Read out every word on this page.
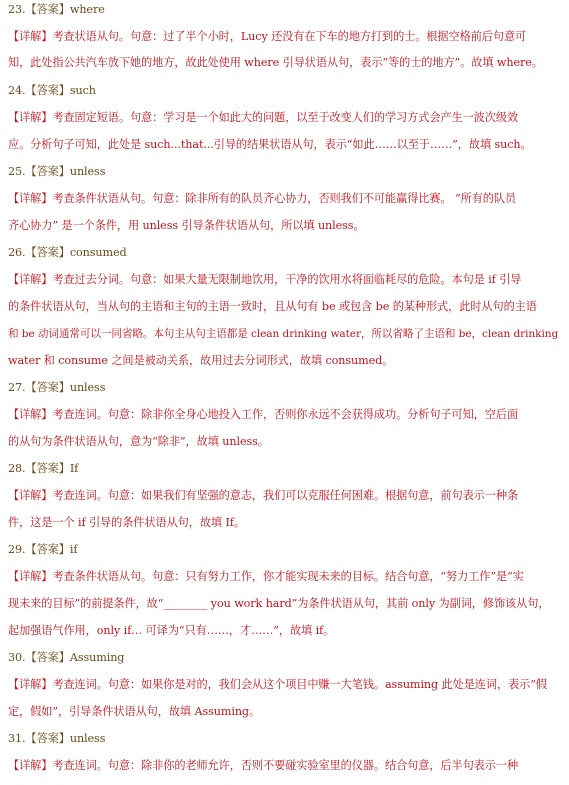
23.【答案】where
【详解】考查状语从句。句意：过了半个小时，Lucy 还没有在下车的地方打到的士。根据空格前后句意可
知，此处指公共汽车放下她的地方，故此处使用 where 引导状语从句，表示“等的士的地方”。故填 where。
24.【答案】such
【详解】考查固定短语。句意：学习是一个如此大的问题，以至于改变人们的学习方式会产生一波次级效
应。分析句子可知，此处是 such...that...引导的结果状语从句，表示“如此……以至于……”，故填 such。
25.【答案】unless
【详解】考查条件状语从句。句意：除非所有的队员齐心协力，否则我们不可能赢得比赛。 “所有的队员
齐心协力” 是一个条件，用 unless 引导条件状语从句，所以填 unless。
26.【答案】consumed
【详解】考查过去分词。句意：如果大量无限制地饮用，干净的饮用水将面临耗尽的危险。本句是 if 引导
的条件状语从句，当从句的主语和主句的主语一致时，且从句有 be 或包含 be 的某种形式，此时从句的主语
和 be 动词通常可以一同省略。本句主从句主语都是 clean drinking water，所以省略了主语和 be，clean drinking
water 和 consume 之间是被动关系，故用过去分词形式，故填 consumed。
27.【答案】unless
【详解】考查连词。句意：除非你全身心地投入工作，否则你永远不会获得成功。分析句子可知，空后面
的从句为条件状语从句，意为“除非”，故填 unless。
28.【答案】If
【详解】考查连词。句意：如果我们有坚强的意志，我们可以克服任何困难。根据句意，前句表示一种条
件，这是一个 if 引导的条件状语从句，故填 If。
29.【答案】if
【详解】考查条件状语从句。句意：只有努力工作，你才能实现未来的目标。结合句意，“努力工作”是“实
现未来的目标”的前提条件，故“________ you work hard”为条件状语从句，其前 only 为副词，修饰该从句，
起加强语气作用，only if… 可译为“只有……，才……”，故填 if。
30.【答案】Assuming
【详解】考查连词。句意：如果你是对的，我们会从这个项目中赚一大笔钱。assuming 此处是连词，表示“假
定，假如”，引导条件状语从句，故填 Assuming。
31.【答案】unless
【详解】考查连词。句意：除非你的老师允许，否则不要碰实验室里的仪器。结合句意，后半句表示一种
